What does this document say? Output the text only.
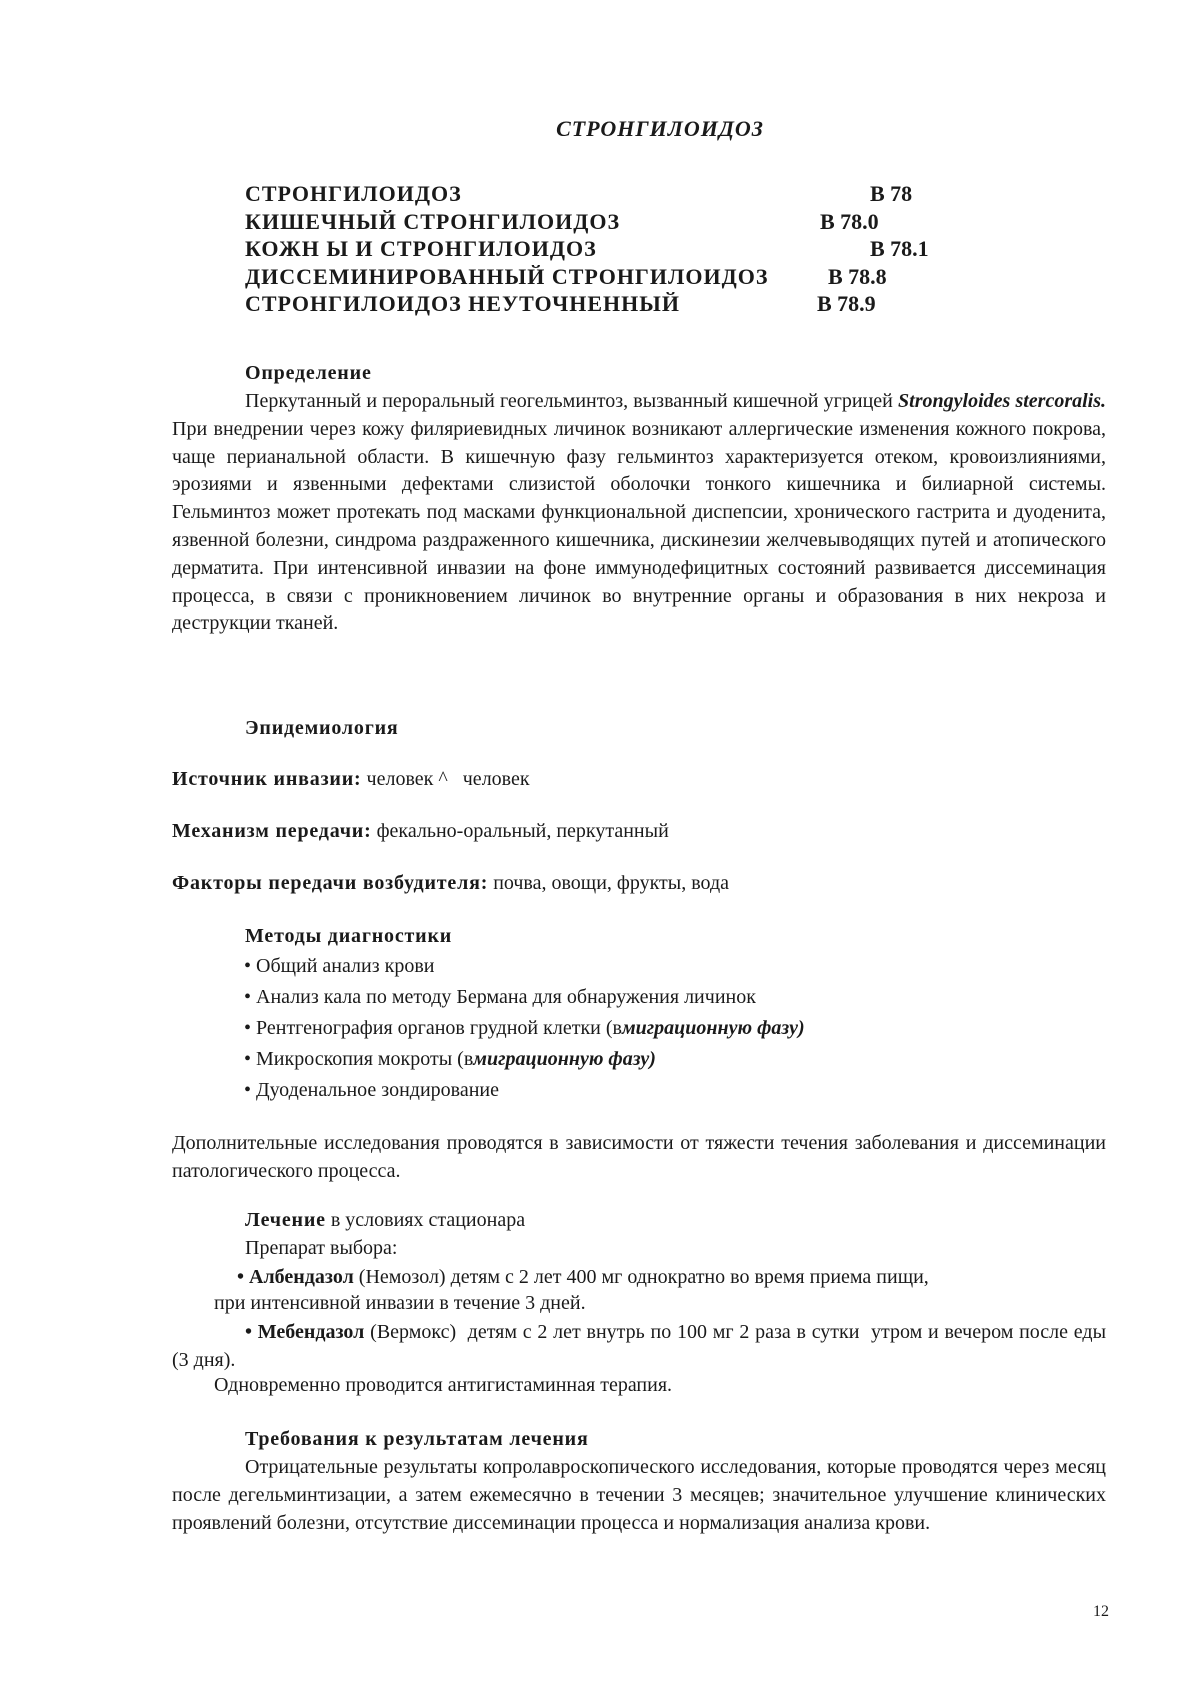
СТРОНГИЛОИДОЗ
СТРОНГИЛОИДОЗ	B 78
КИШЕЧНЫЙ СТРОНГИЛОИДОЗ	B 78.0
КОЖН Ы И СТРОНГИЛОИДОЗ	B 78.1
ДИССЕМИНИРОВАННЫЙ СТРОНГИЛОИДОЗ	B 78.8
СТРОНГИЛОИДОЗ НЕУТОЧНЕННЫЙ	B 78.9
Определение
Перкутанный и пероральный геогельминтоз, вызванный кишечной угрицей Strongyloides stercoralis. При внедрении через кожу филяриевидных личинок возникают аллергические изменения кожного покрова, чаще перианальной области. В кишечную фазу гельминтоз характеризуется отеком, кровоизлияниями, эрозиями и язвенными дефектами слизистой оболочки тонкого кишечника и билиарной системы. Гельминтоз может протекать под масками функциональной диспепсии, хронического гастрита и дуоденита, язвенной болезни, синдрома раздраженного кишечника, дискинезии желчевыводящих путей и атопического дерматита. При интенсивной инвазии на фоне иммунодефицитных состояний развивается диссеминация процесса, в связи с проникновением личинок во внутренние органы и образования в них некроза и деструкции тканей.
Эпидемиология
Источник инвазии: человек ^   человек
Механизм передачи: фекально-оральный, перкутанный
Факторы передачи возбудителя: почва, овощи, фрукты, вода
Методы диагностики
• Общий анализ крови
• Анализ кала по методу Бермана для обнаружения личинок
• Рентгенография органов грудной клетки (вмиграционную фазу)
• Микроскопия мокроты (вмиграционную фазу)
• Дуоденальное зондирование
Дополнительные исследования проводятся в зависимости от тяжести течения заболевания и диссеминации патологического процесса.
Лечение в условиях стационара
Препарат выбора:
• Албендазол (Немозол) детям с 2 лет 400 мг однократно во время приема пищи,
при интенсивной инвазии в течение 3 дней.
• Мебендазол (Вермокс)  детям с 2 лет внутрь по 100 мг 2 раза в сутки  утром и вечером после еды (3 дня).
Одновременно проводится антигистаминная терапия.
Требования к результатам лечения
Отрицательные результаты копролавроскопического исследования, которые проводятся через месяц после дегельминтизации, а затем ежемесячно в течении 3 месяцев; значительное улучшение клинических проявлений болезни, отсутствие диссеминации процесса и нормализация анализа крови.
12
